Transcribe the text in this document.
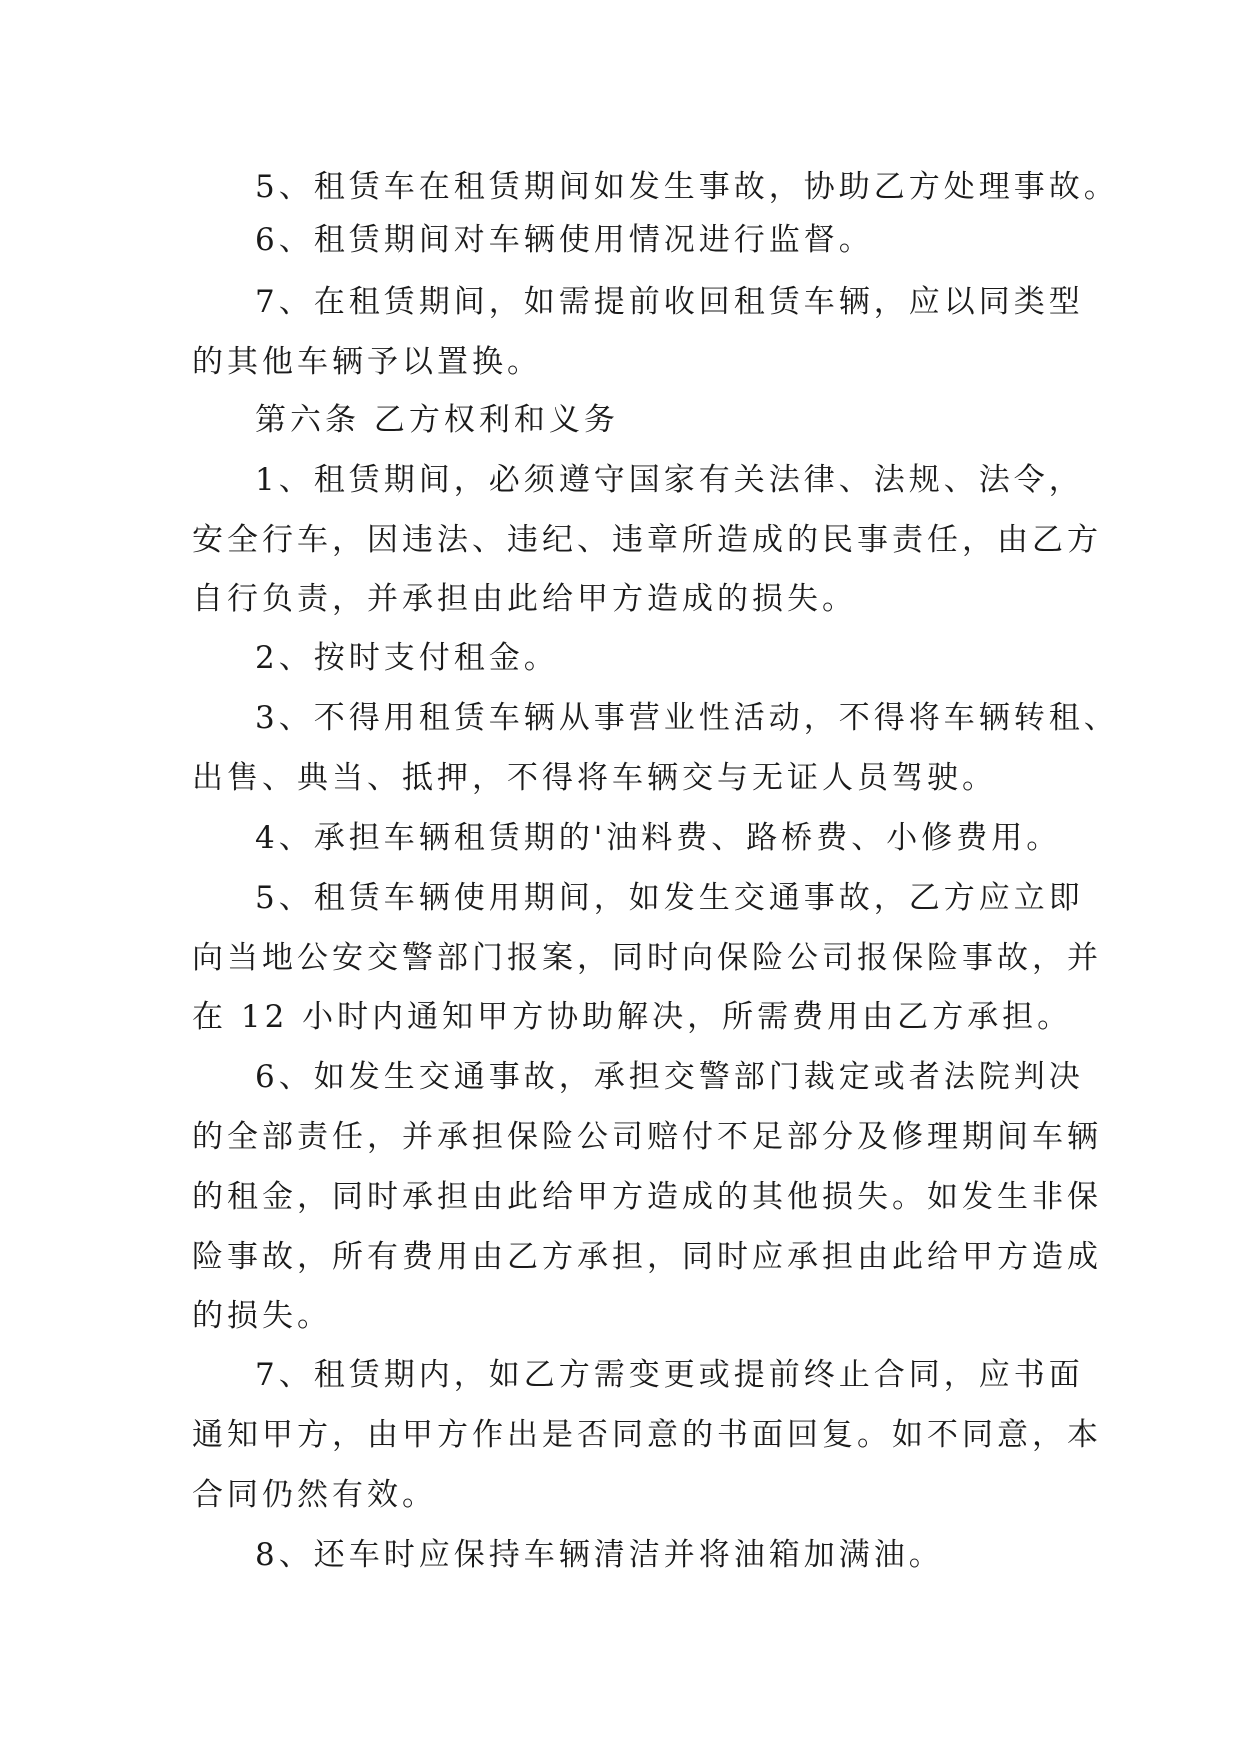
5、租赁车在租赁期间如发生事故，协助乙方处理事故。
6、租赁期间对车辆使用情况进行监督。
7、在租赁期间，如需提前收回租赁车辆，应以同类型
的其他车辆予以置换。
第六条 乙方权利和义务
1、租赁期间，必须遵守国家有关法律、法规、法令，
安全行车，因违法、违纪、违章所造成的民事责任，由乙方
自行负责，并承担由此给甲方造成的损失。
2、按时支付租金。
3、不得用租赁车辆从事营业性活动，不得将车辆转租、
出售、典当、抵押，不得将车辆交与无证人员驾驶。
4、承担车辆租赁期的'油料费、路桥费、小修费用。
5、租赁车辆使用期间，如发生交通事故，乙方应立即
向当地公安交警部门报案，同时向保险公司报保险事故，并
在 12 小时内通知甲方协助解决，所需费用由乙方承担。
6、如发生交通事故，承担交警部门裁定或者法院判决
的全部责任，并承担保险公司赔付不足部分及修理期间车辆
的租金，同时承担由此给甲方造成的其他损失。如发生非保
险事故，所有费用由乙方承担，同时应承担由此给甲方造成
的损失。
7、租赁期内，如乙方需变更或提前终止合同，应书面
通知甲方，由甲方作出是否同意的书面回复。如不同意，本
合同仍然有效。
8、还车时应保持车辆清洁并将油箱加满油。
